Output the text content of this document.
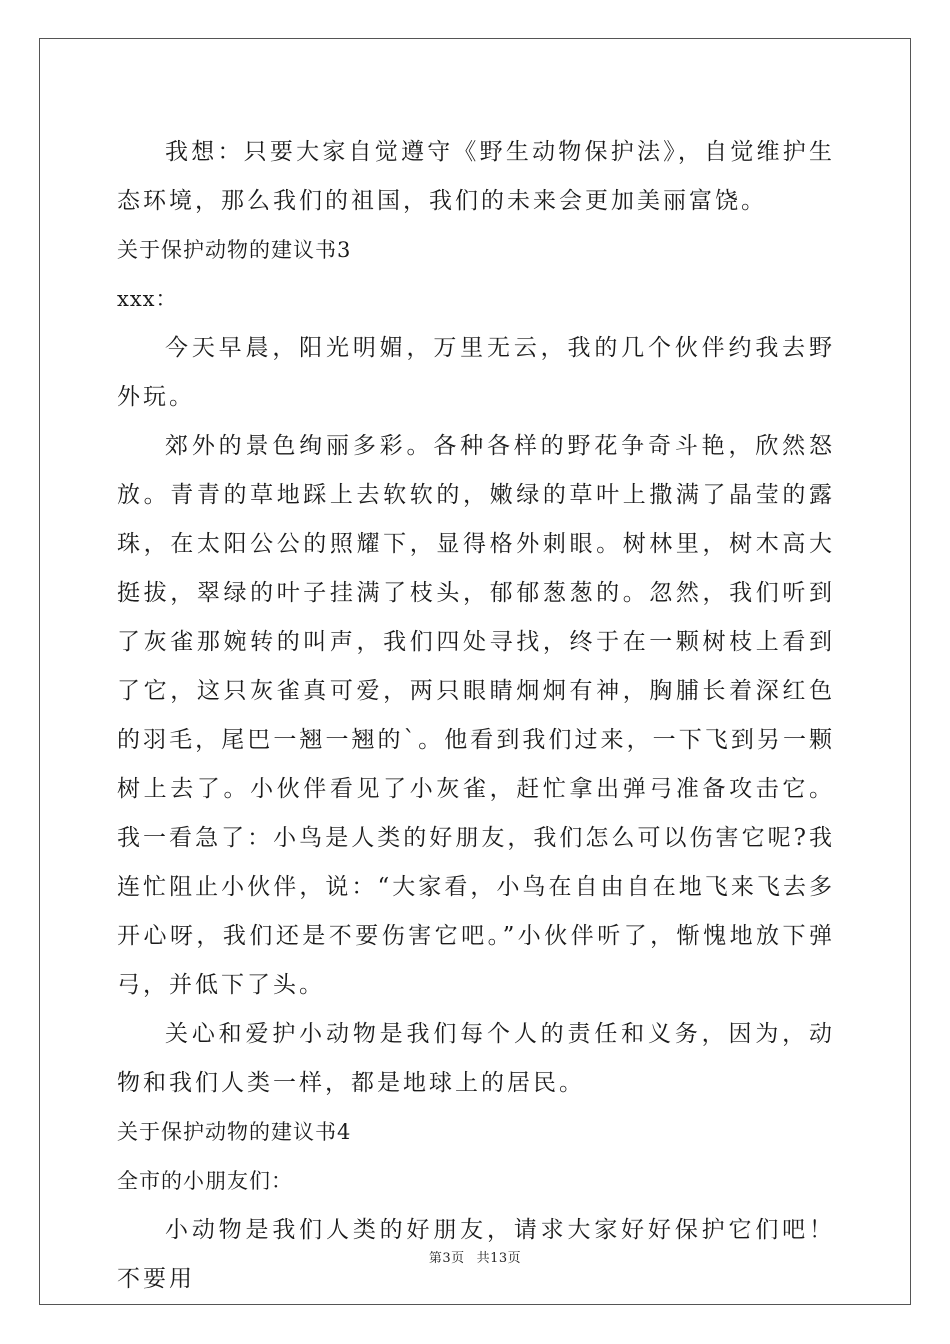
我想：只要大家自觉遵守《野生动物保护法》，自觉维护生态环境，那么我们的祖国，我们的未来会更加美丽富饶。

关于保护动物的建议书3

xxx：

今天早晨，阳光明媚，万里无云，我的几个伙伴约我去野外玩。

郊外的景色绚丽多彩。各种各样的野花争奇斗艳，欣然怒放。青青的草地踩上去软软的，嫩绿的草叶上撒满了晶莹的露珠，在太阳公公的照耀下，显得格外刺眼。树林里，树木高大挺拔，翠绿的叶子挂满了枝头，郁郁葱葱的。忽然，我们听到了灰雀那婉转的叫声，我们四处寻找，终于在一颗树枝上看到了它，这只灰雀真可爱，两只眼睛炯炯有神，胸脯长着深红色的羽毛，尾巴一翘一翘的`。他看到我们过来，一下飞到另一颗树上去了。小伙伴看见了小灰雀，赶忙拿出弹弓准备攻击它。我一看急了：小鸟是人类的好朋友，我们怎么可以伤害它呢?我连忙阻止小伙伴，说：“大家看，小鸟在自由自在地飞来飞去多开心呀，我们还是不要伤害它吧。”小伙伴听了，惭愧地放下弹弓，并低下了头。

关心和爱护小动物是我们每个人的责任和义务，因为，动物和我们人类一样，都是地球上的居民。

关于保护动物的建议书4

全市的小朋友们：

小动物是我们人类的好朋友，请求大家好好保护它们吧！不要用

第3页 共13页
